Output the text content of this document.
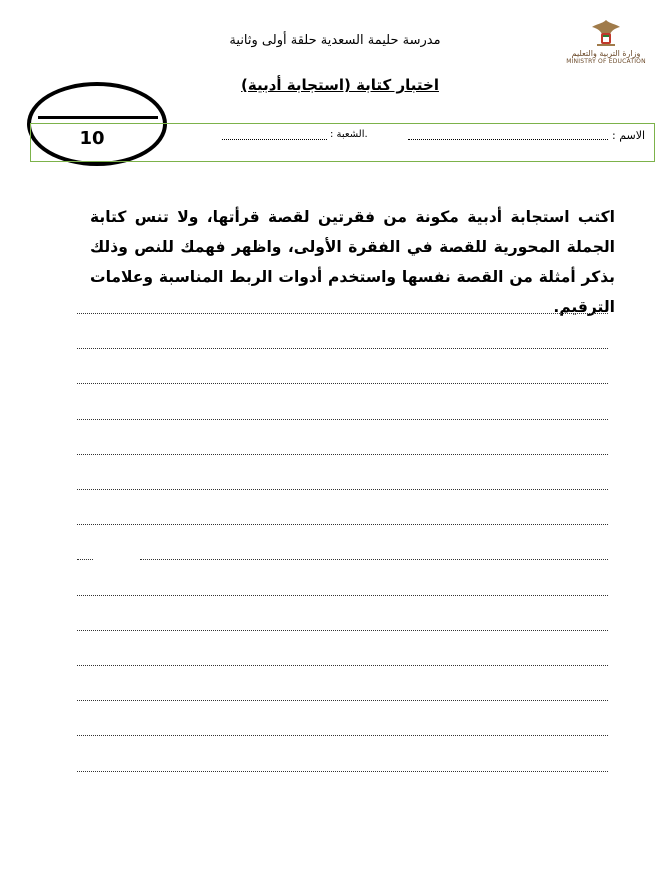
مدرسة حليمة السعدية حلقة أولى وثانية
وزارة التربية والتعليم
MINISTRY OF EDUCATION
اختبار كتابة (استجابة أدبية)
10	الاسم :
.الشعبة :
اكتب استجابة أدبية مكونة من فقرتين لقصة قرأتها، ولا تنس كتابة الجملة المحورية للقصة في الفقرة الأولى، واظهر فهمك للنص وذلك بذكر أمثلة من القصة نفسها واستخدم أدوات الربط المناسبة وعلامات الترقيم.
